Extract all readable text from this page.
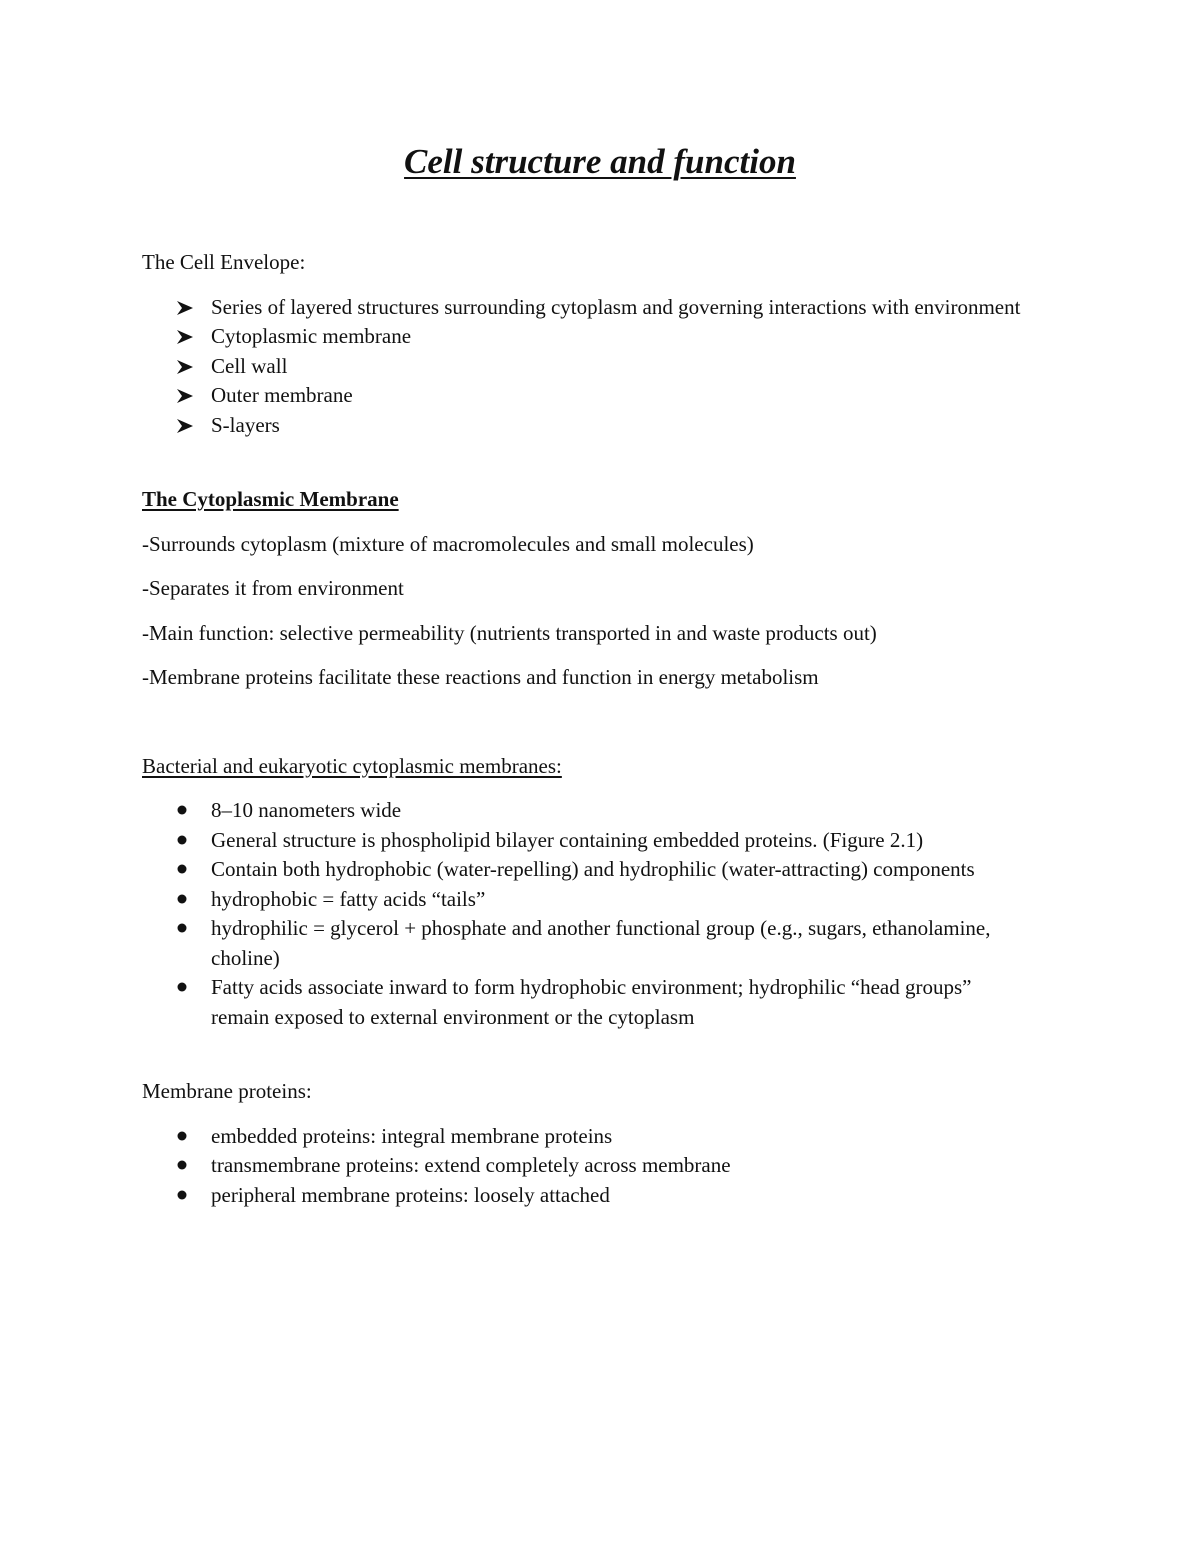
Cell structure and function

The Cell Envelope:

Series of layered structures surrounding cytoplasm and governing interactions with environment
Cytoplasmic membrane
Cell wall
Outer membrane
S-layers

The Cytoplasmic Membrane

-Surrounds cytoplasm (mixture of macromolecules and small molecules)

-Separates it from environment

-Main function: selective permeability (nutrients transported in and waste products out)

-Membrane proteins facilitate these reactions and function in energy metabolism

Bacterial and eukaryotic cytoplasmic membranes:

8–10 nanometers wide
General structure is phospholipid bilayer containing embedded proteins. (Figure 2.1)
Contain both hydrophobic (water-repelling) and hydrophilic (water-attracting) components
hydrophobic = fatty acids “tails”
hydrophilic = glycerol + phosphate and another functional group (e.g., sugars, ethanolamine, choline)
Fatty acids associate inward to form hydrophobic environment; hydrophilic “head groups” remain exposed to external environment or the cytoplasm

Membrane proteins:

embedded proteins: integral membrane proteins
transmembrane proteins: extend completely across membrane
peripheral membrane proteins: loosely attached
